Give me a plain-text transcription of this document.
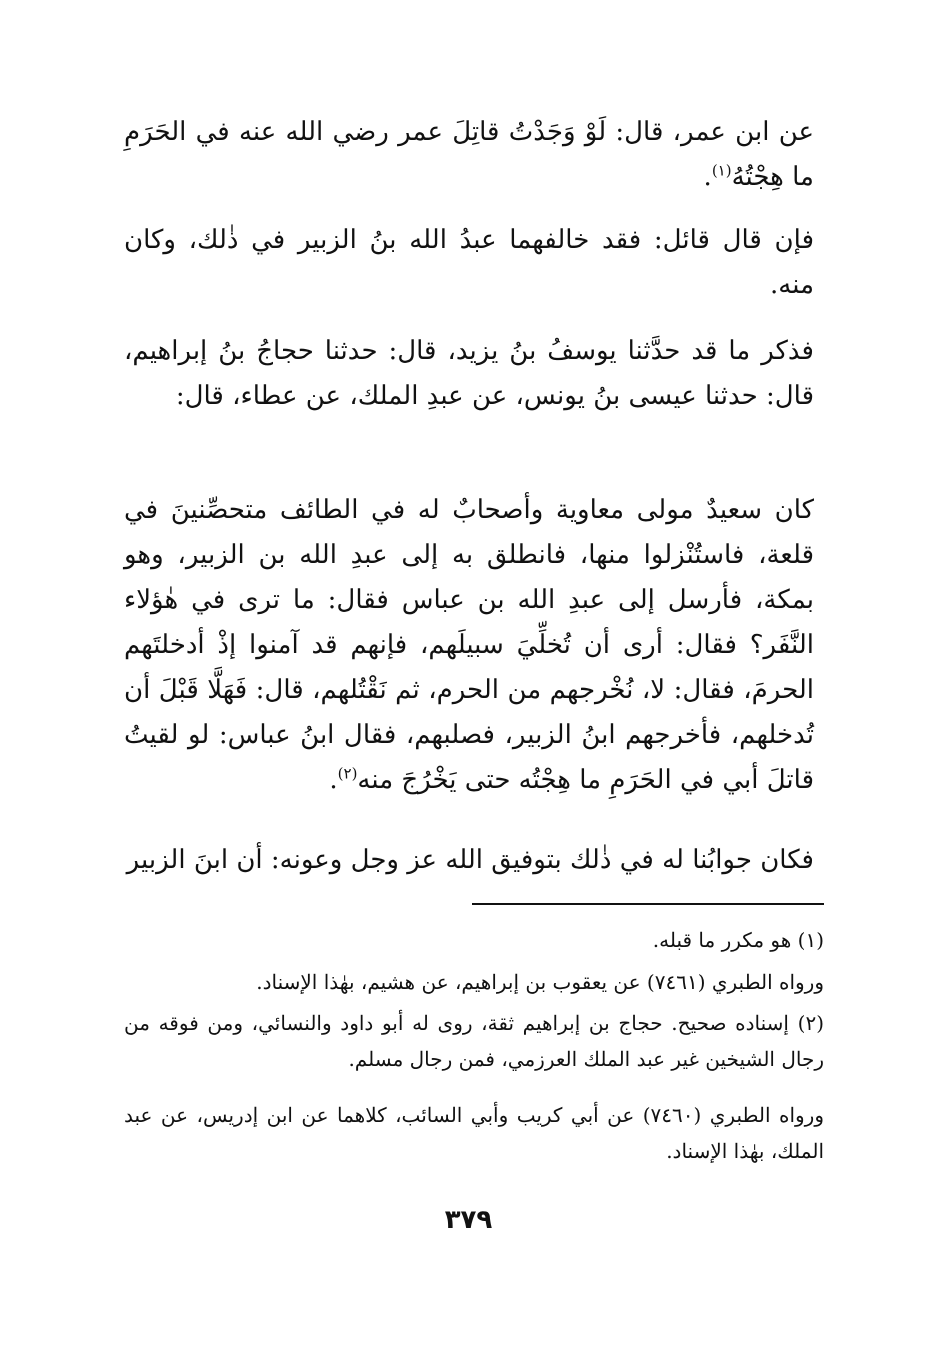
عن ابن عمر، قال: لَوْ وَجَدْتُ قاتِلَ عمر رضي الله عنه في الحَرَمِ ما هِجْتُهُ$^{(١)}$.

فإن قال قائل: فقد خالفهما عبدُ الله بنُ الزبير في ذٰلك، وكان منه.

فذكر ما قد حدَّثنا يوسفُ بنُ يزيد، قال: حدثنا حجاجُ بنُ إبراهيم، قال: حدثنا عيسى بنُ يونس، عن عبدِ الملك، عن عطاء، قال:

كان سعيدٌ مولى معاوية وأصحابٌ له في الطائف متحصِّنينَ في قلعة، فاستُنْزلوا منها، فانطلق به إلى عبدِ الله بن الزبير، وهو بمكة، فأرسل إلى عبدِ الله بن عباس فقال: ما ترى في هٰؤلاء النَّفَر؟ فقال: أرى أن تُخلِّيَ سبيلَهم، فإنهم قد آمنوا إذْ أدخلتَهم الحرمَ، فقال: لا، نُخْرجهم من الحرم، ثم نَقْتُلهم، قال: فَهَلَّا قَبْلَ أن تُدخلهم، فأخرجهم ابنُ الزبير، فصلبهم، فقال ابنُ عباس: لو لقيتُ قاتلَ أبي في الحَرَمِ ما هِجْتُه حتى يَخْرُجَ منه$^{(٢)}$.

فكان جوابُنا له في ذٰلك بتوفيق الله عز وجل وعونه: أن ابنَ الزبير

(١) هو مكرر ما قبله.

ورواه الطبري (٧٤٦١) عن يعقوب بن إبراهيم، عن هشيم، بهٰذا الإسناد.

(٢) إسناده صحيح. حجاج بن إبراهيم ثقة، روى له أبو داود والنسائي، ومن فوقه من رجال الشيخين غير عبد الملك العرزمي، فمن رجال مسلم.

ورواه الطبري (٧٤٦٠) عن أبي كريب وأبي السائب، كلاهما عن ابن إدريس، عن عبد الملك، بهٰذا الإسناد.

٣٧٩
